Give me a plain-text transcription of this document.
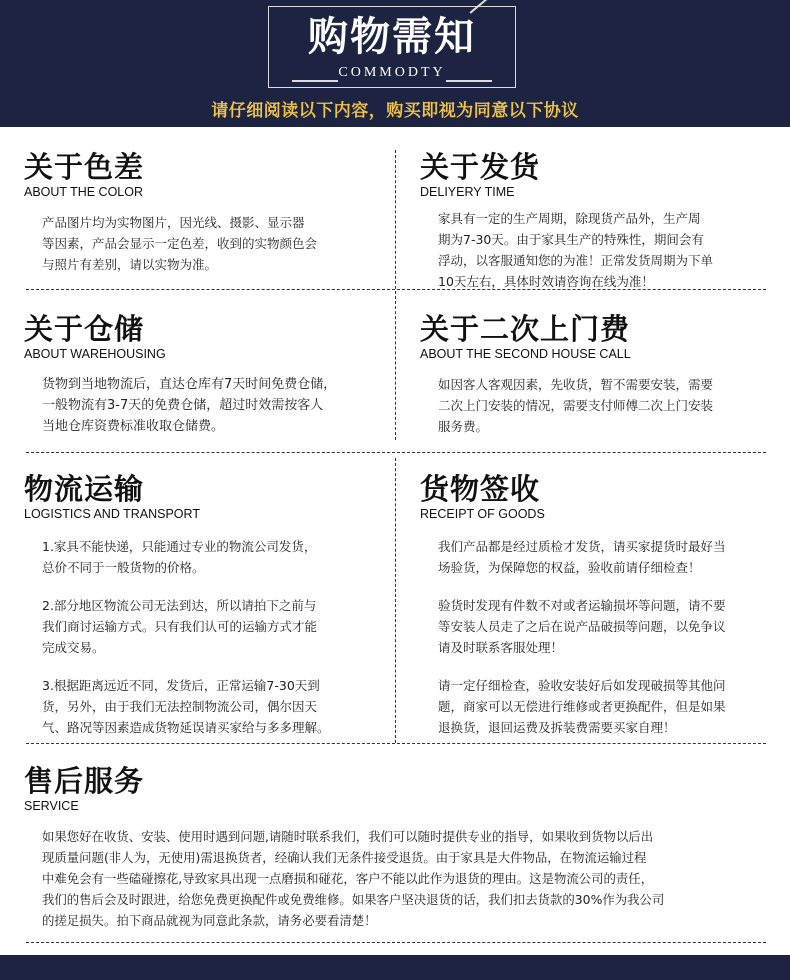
购物需知
COMMODTY
请仔细阅读以下内容，购买即视为同意以下协议
关于色差
ABOUT THE COLOR

产品图片均为实物图片，因光线、摄影、显示器
等因素，产品会显示一定色差，收到的实物颜色会
与照片有差别，请以实物为准。

关于发货
DELIYERY TIME

家具有一定的生产周期，除现货产品外，生产周
期为7-30天。由于家具生产的特殊性，期间会有
浮动，以客服通知您的为准！正常发货周期为下单
10天左右，具体时效请咨询在线为准！

关于仓储
ABOUT WAREHOUSING

货物到当地物流后，直达仓库有7天时间免费仓储，
一般物流有3-7天的免费仓储，超过时效需按客人
当地仓库资费标准收取仓储费。

关于二次上门费
ABOUT THE SECOND HOUSE CALL

如因客人客观因素，先收货，暂不需要安装，需要
二次上门安装的情况，需要支付师傅二次上门安装
服务费。

物流运输
LOGISTICS AND TRANSPORT

1.家具不能快递，只能通过专业的物流公司发货，
总价不同于一般货物的价格。

2.部分地区物流公司无法到达，所以请拍下之前与
我们商讨运输方式。只有我们认可的运输方式才能
完成交易。

3.根据距离远近不同，发货后，正常运输7-30天到
货，另外，由于我们无法控制物流公司，偶尔因天
气、路况等因素造成货物延误请买家给与多多理解。

货物签收
RECEIPT OF GOODS

我们产品都是经过质检才发货，请买家提货时最好当
场验货，为保障您的权益，验收前请仔细检查！

验货时发现有件数不对或者运输损坏等问题，请不要
等安装人员走了之后在说产品破损等问题，以免争议
请及时联系客服处理！

请一定仔细检查，验收安装好后如发现破损等其他问
题，商家可以无偿进行维修或者更换配件，但是如果
退换货，退回运费及拆装费需要买家自理！

售后服务
SERVICE

如果您好在收货、安装、使用时遇到问题,请随时联系我们，我们可以随时提供专业的指导，如果收到货物以后出
现质量问题(非人为，无使用)需退换货者，经确认我们无条件接受退货。由于家具是大件物品，在物流运输过程
中难免会有一些磕碰擦花,导致家具出现一点磨损和碰花，客户不能以此作为退货的理由。这是物流公司的责任，
我们的售后会及时跟进，给您免费更换配件或免费维修。如果客户坚决退货的话，我们扣去货款的30%作为我公司
的搓足损失。拍下商品就视为同意此条款，请务必要看清楚！
